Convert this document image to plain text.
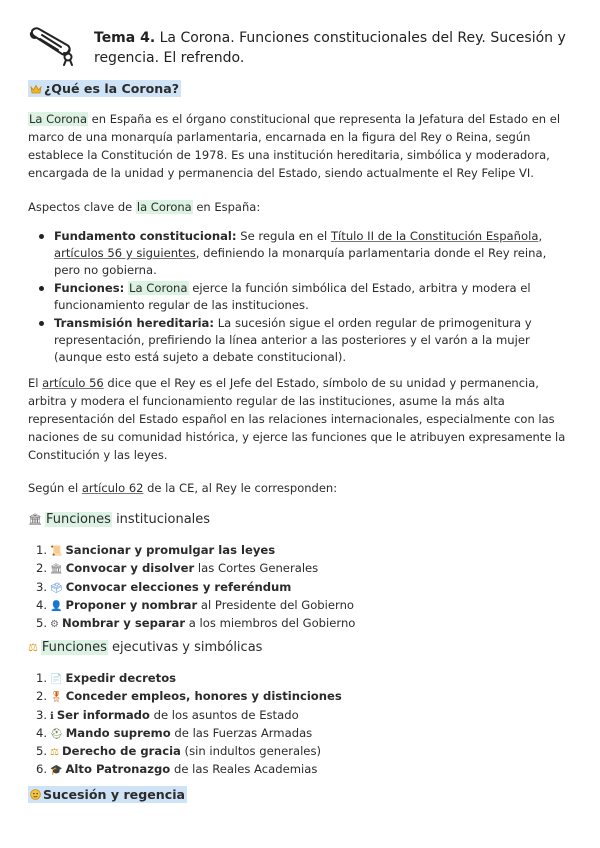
Tema 4. La Corona. Funciones constitucionales del Rey. Sucesión y regencia. El refrendo.
¿Qué es la Corona?

La Corona en España es el órgano constitucional que representa la Jefatura del Estado en el marco de una monarquía parlamentaria, encarnada en la figura del Rey o Reina, según establece la Constitución de 1978. Es una institución hereditaria, simbólica y moderadora, encargada de la unidad y permanencia del Estado, siendo actualmente el Rey Felipe VI.

Aspectos clave de la Corona en España:

Fundamento constitucional: Se regula en el Título II de la Constitución Española, artículos 56 y siguientes, definiendo la monarquía parlamentaria donde el Rey reina, pero no gobierna.
Funciones: La Corona ejerce la función simbólica del Estado, arbitra y modera el funcionamiento regular de las instituciones.
Transmisión hereditaria: La sucesión sigue el orden regular de primogenitura y representación, prefiriendo la línea anterior a las posteriores y el varón a la mujer (aunque esto está sujeto a debate constitucional).

El artículo 56 dice que el Rey es el Jefe del Estado, símbolo de su unidad y permanencia, arbitra y modera el funcionamiento regular de las instituciones, asume la más alta representación del Estado español en las relaciones internacionales, especialmente con las naciones de su comunidad histórica, y ejerce las funciones que le atribuyen expresamente la Constitución y las leyes.

Según el artículo 62 de la CE, al Rey le corresponden:

🏛 Funciones institucionales
1. 📜 Sancionar y promulgar las leyes
2. 🏛 Convocar y disolver las Cortes Generales
3. 🗳 Convocar elecciones y referéndum
4. 👤 Proponer y nombrar al Presidente del Gobierno
5. ⚙ Nombrar y separar a los miembros del Gobierno
⚖ Funciones ejecutivas y simbólicas
1. 📄 Expedir decretos
2. 🎖 Conceder empleos, honores y distinciones
3. ℹ Ser informado de los asuntos de Estado
4. ⛑ Mando supremo de las Fuerzas Armadas
5. ⚖ Derecho de gracia (sin indultos generales)
6. 🎓 Alto Patronazgo de las Reales Academias
Sucesión y regencia
